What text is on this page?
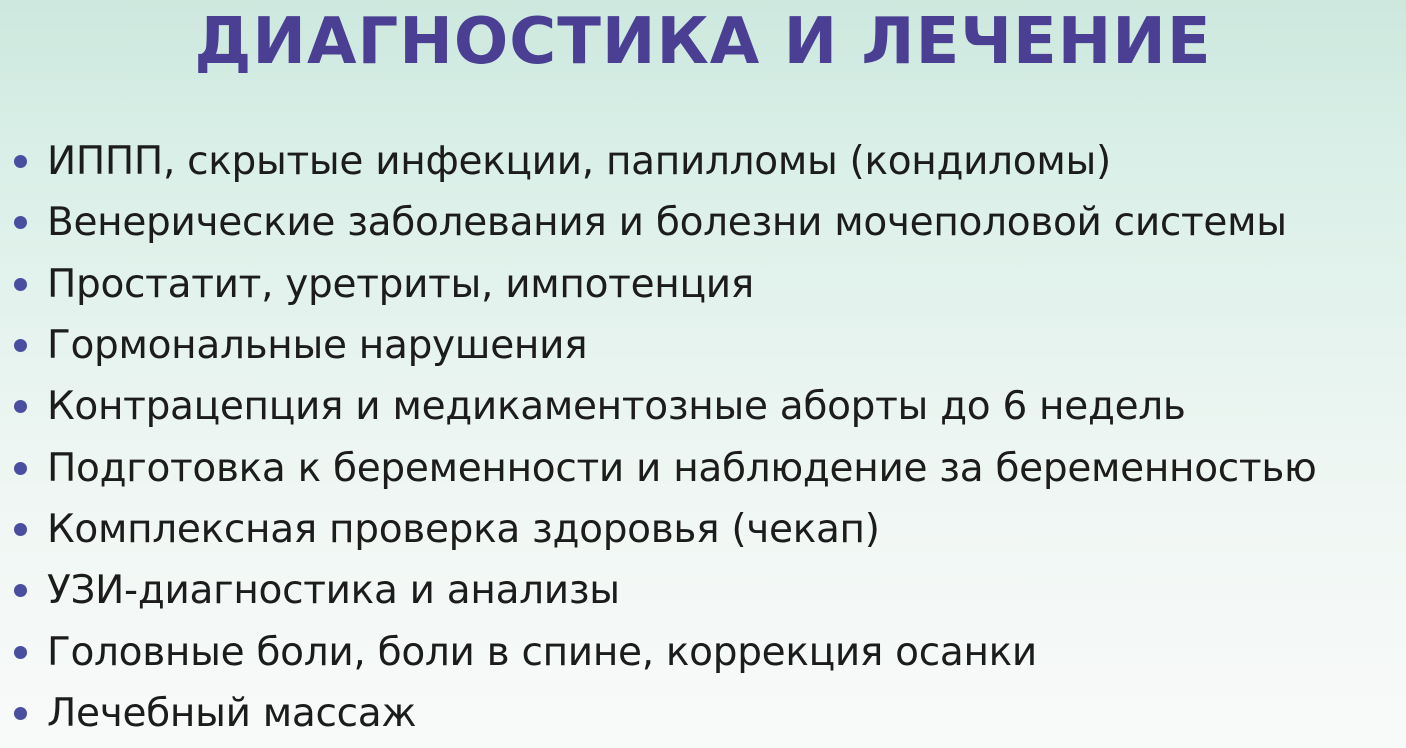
ДИАГНОСТИКА И ЛЕЧЕНИЕ
ИППП, скрытые инфекции, папилломы (кондиломы)
Венерические заболевания и болезни мочеполовой системы
Простатит, уретриты, импотенция
Гормональные нарушения
Контрацепция и медикаментозные аборты до 6 недель
Подготовка к беременности и наблюдение за беременностью
Комплексная проверка здоровья (чекап)
УЗИ-диагностика и анализы
Головные боли, боли в спине, коррекция осанки
Лечебный массаж
